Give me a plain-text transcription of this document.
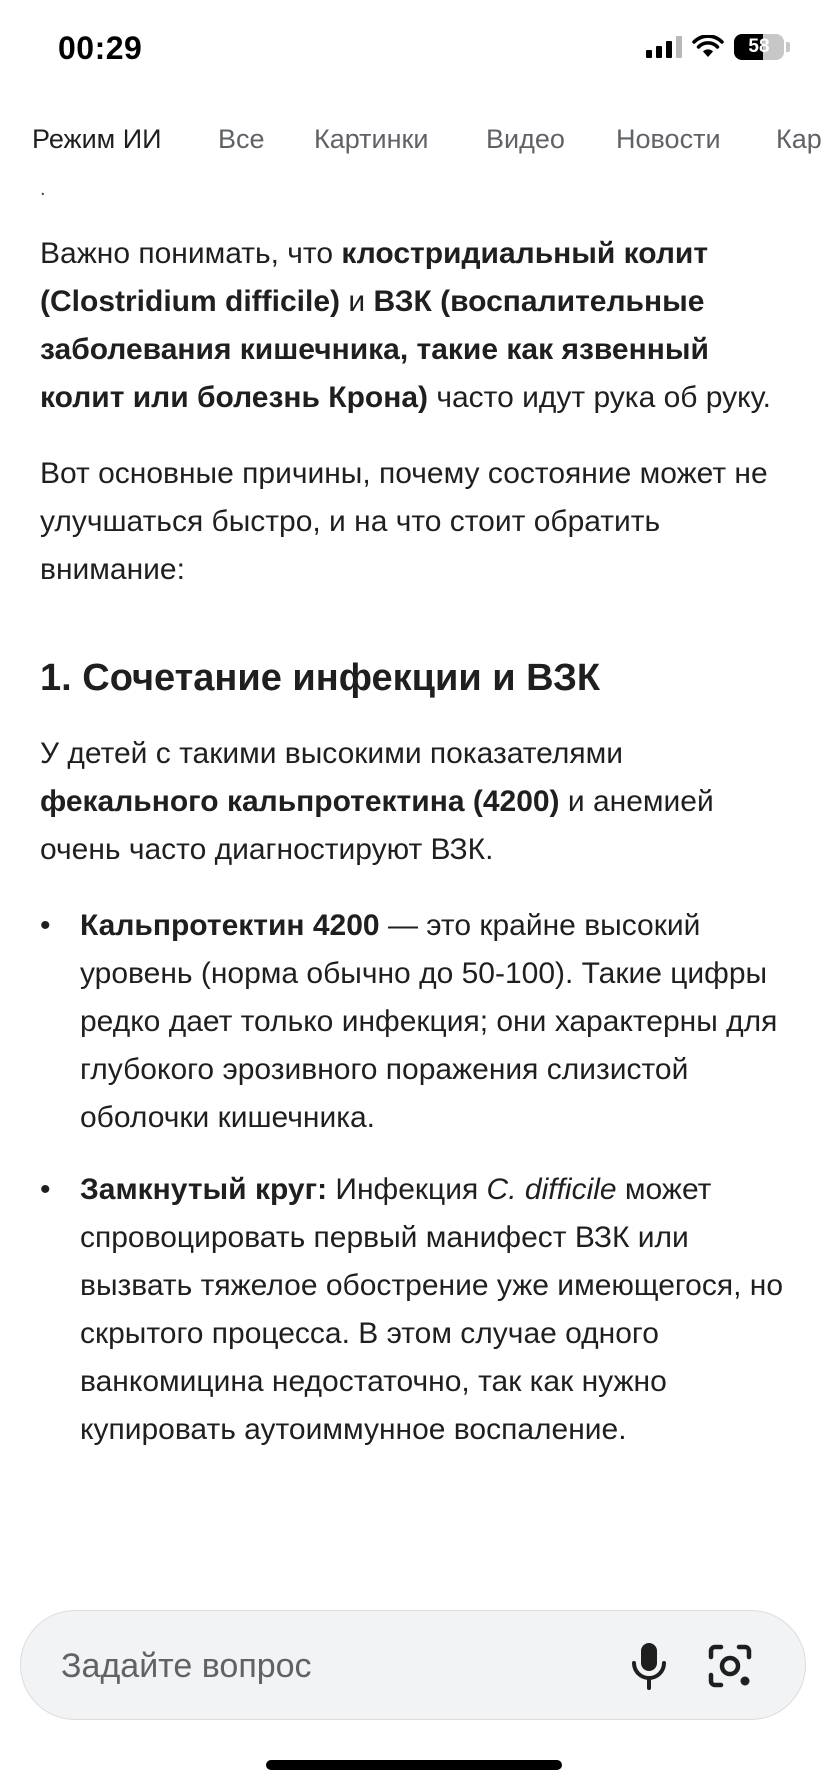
00:29	58
Режим ИИ Все Картинки Видео Новости Кар
.

Важно понимать, что клостридиальный колит (Clostridium difficile) и ВЗК (воспалительные заболевания кишечника, такие как язвенный колит или болезнь Крона) часто идут рука об руку.

Вот основные причины, почему состояние может не улучшаться быстро, и на что стоит обратить внимание:

1. Сочетание инфекции и ВЗК

У детей с такими высокими показателями фекального кальпротектина (4200) и анемией очень часто диагностируют ВЗК.

• Кальпротектин 4200 — это крайне высокий уровень (норма обычно до 50-100). Такие цифры редко дает только инфекция; они характерны для глубокого эрозивного поражения слизистой оболочки кишечника.
• Замкнутый круг: Инфекция C. difficile может спровоцировать первый манифест ВЗК или вызвать тяжелое обострение уже имеющегося, но скрытого процесса. В этом случае одного ванкомицина недостаточно, так как нужно купировать аутоиммунное воспаление.
Задайте вопрос
